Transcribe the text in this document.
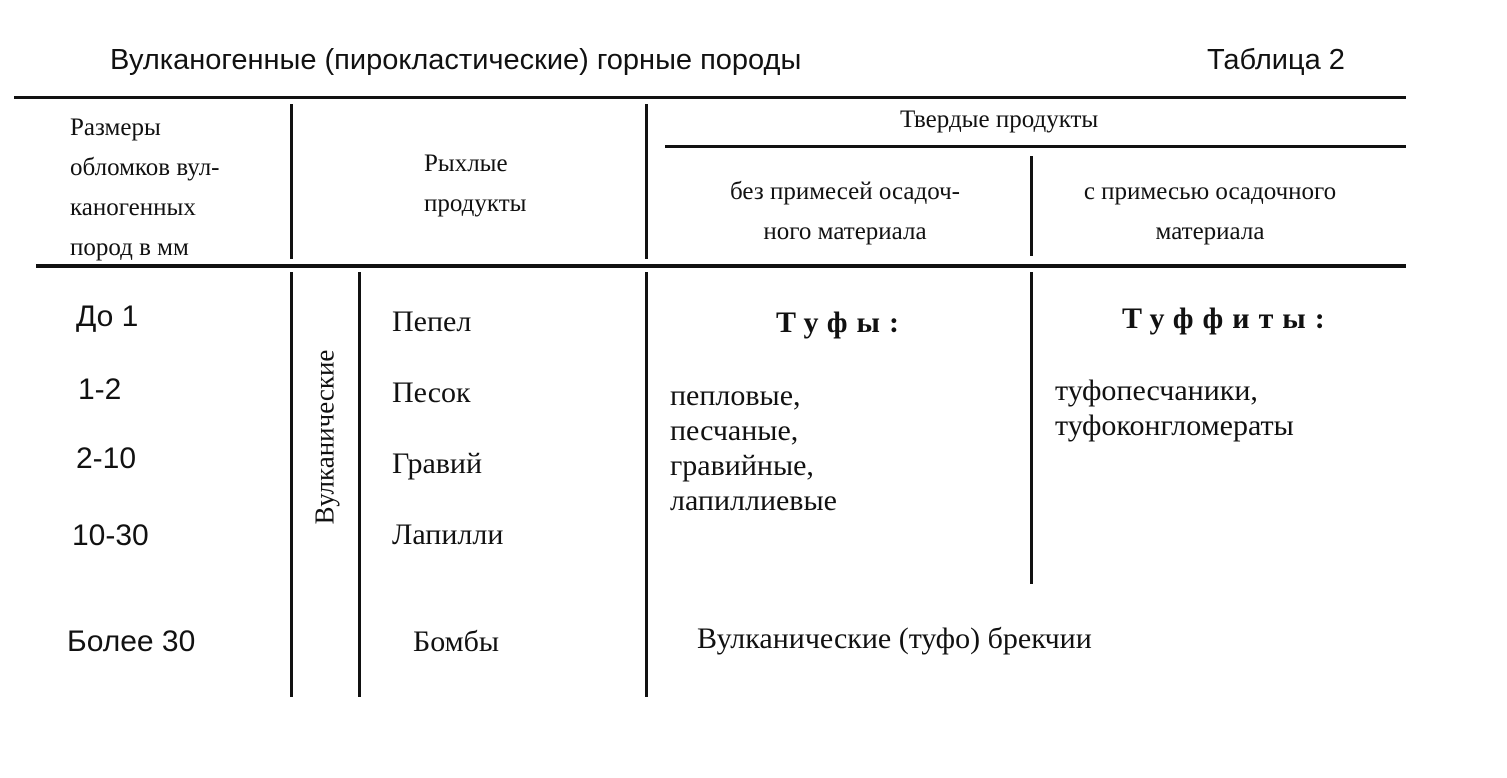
Вулканогенные (пирокластические) горные породы	Таблица 2
Размеры
обломков вул-
каногенных
пород в мм
Рыхлые
продукты
Твердые продукты
без примесей осадоч-
ного материала
с примесью осадочного
материала
До 1
1-2
2-10
10-30
Более 30
Вулканические
Пепел
Песок
Гравий
Лапилли
Бомбы
Туфы:
пепловые,
песчаные,
гравийные,
лапиллиевые
Туффиты:
туфопесчаники,
туфоконгломераты
Вулканические (туфо) брекчии
